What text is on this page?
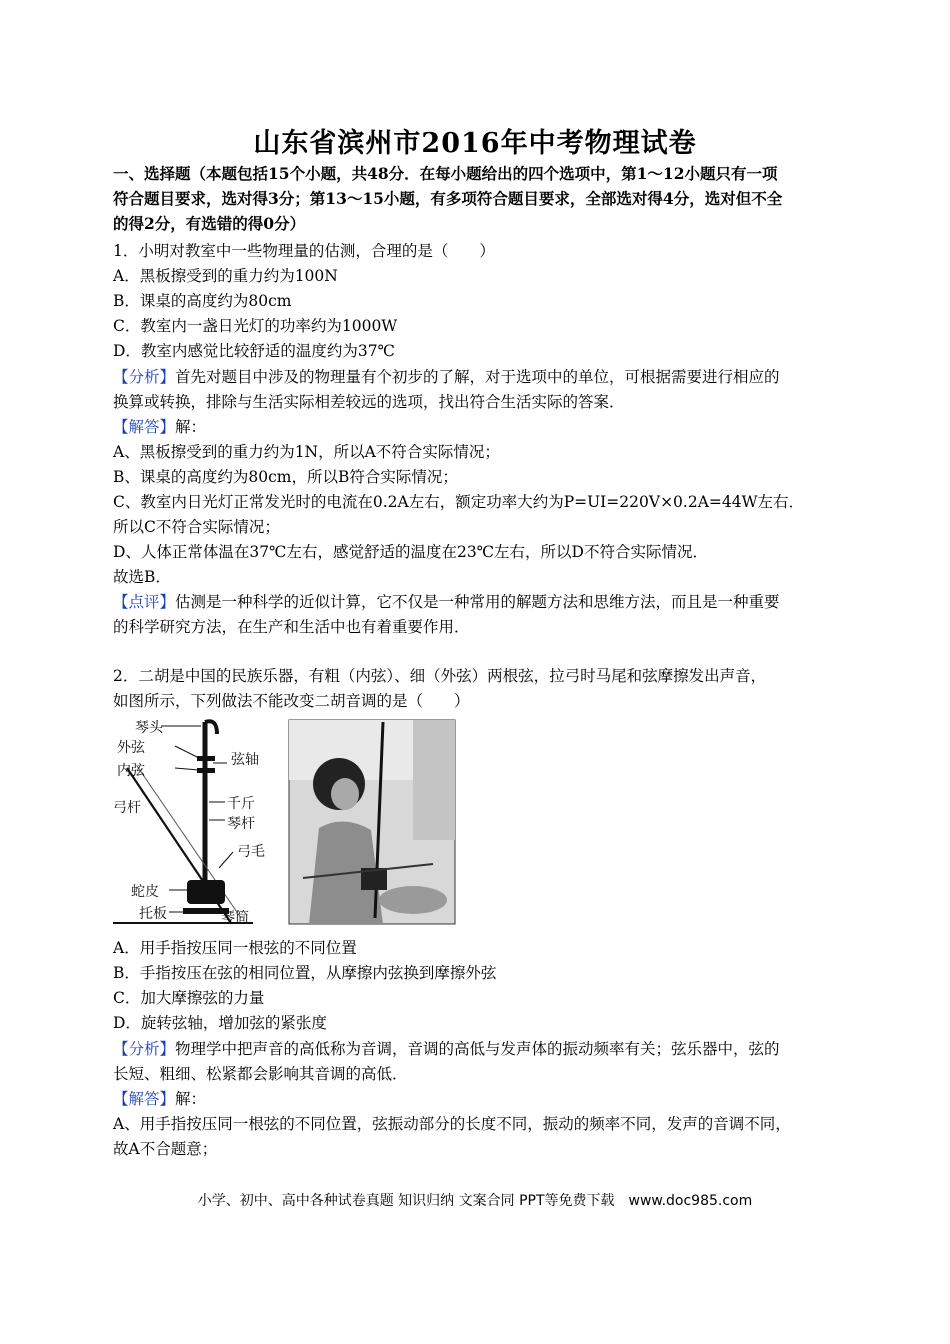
山东省滨州市2016年中考物理试卷
一、选择题（本题包括15个小题，共48分．在每小题给出的四个选项中，第1～12小题只有一项
符合题目要求，选对得3分；第13～15小题，有多项符合题目要求，全部选对得4分，选对但不全
的得2分，有选错的得0分）
1．小明对教室中一些物理量的估测，合理的是（　　）
A．黑板擦受到的重力约为100N
B．课桌的高度约为80cm
C．教室内一盏日光灯的功率约为1000W
D．教室内感觉比较舒适的温度约为37℃
【分析】首先对题目中涉及的物理量有个初步的了解，对于选项中的单位，可根据需要进行相应的
换算或转换，排除与生活实际相差较远的选项，找出符合生活实际的答案．
【解答】解：
A、黑板擦受到的重力约为1N，所以A不符合实际情况；
B、课桌的高度约为80cm，所以B符合实际情况；
C、教室内日光灯正常发光时的电流在0.2A左右，额定功率大约为P=UI=220V×0.2A=44W左右．
所以C不符合实际情况；
D、人体正常体温在37℃左右，感觉舒适的温度在23℃左右，所以D不符合实际情况．
故选B．
【点评】估测是一种科学的近似计算，它不仅是一种常用的解题方法和思维方法，而且是一种重要
的科学研究方法，在生产和生活中也有着重要作用．
2．二胡是中国的民族乐器，有粗（内弦）、细（外弦）两根弦，拉弓时马尾和弦摩擦发出声音，
如图所示，下列做法不能改变二胡音调的是（　　）
琴头
外弦
内弦
弦轴
弓杆	千斤
琴杆
弓毛
蛇皮
托板	琴筒
A．用手指按压同一根弦的不同位置
B．手指按压在弦的相同位置，从摩擦内弦换到摩擦外弦
C．加大摩擦弦的力量
D．旋转弦轴，增加弦的紧张度
【分析】物理学中把声音的高低称为音调，音调的高低与发声体的振动频率有关；弦乐器中，弦的
长短、粗细、松紧都会影响其音调的高低．
【解答】解：
A、用手指按压同一根弦的不同位置，弦振动部分的长度不同，振动的频率不同，发声的音调不同，
故A不合题意；
小学、初中、高中各种试卷真题 知识归纳 文案合同 PPT等免费下载　www.doc985.com
